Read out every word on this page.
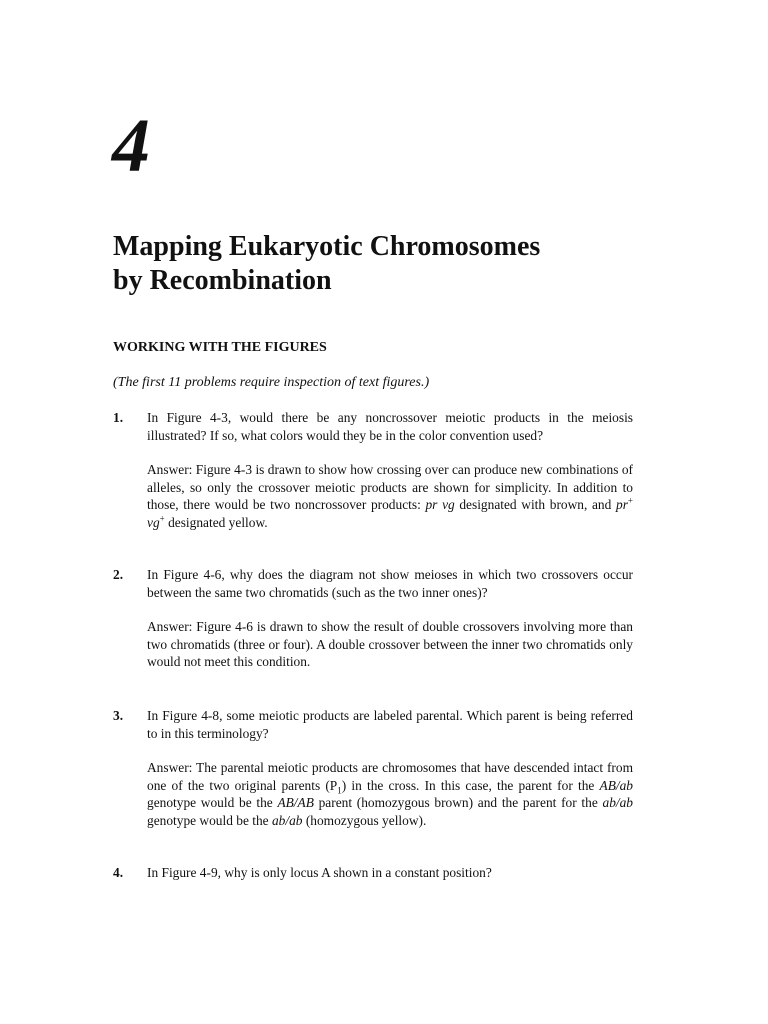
4
Mapping Eukaryotic Chromosomes
by Recombination
WORKING WITH THE FIGURES
(The first 11 problems require inspection of text figures.)
1. In Figure 4-3, would there be any noncrossover meiotic products in the meiosis illustrated? If so, what colors would they be in the color convention used?
Answer: Figure 4-3 is drawn to show how crossing over can produce new combinations of alleles, so only the crossover meiotic products are shown for simplicity. In addition to those, there would be two noncrossover products: pr vg designated with brown, and pr+ vg+ designated yellow.
2. In Figure 4-6, why does the diagram not show meioses in which two crossovers occur between the same two chromatids (such as the two inner ones)?
Answer: Figure 4-6 is drawn to show the result of double crossovers involving more than two chromatids (three or four). A double crossover between the inner two chromatids only would not meet this condition.
3. In Figure 4-8, some meiotic products are labeled parental. Which parent is being referred to in this terminology?
Answer: The parental meiotic products are chromosomes that have descended intact from one of the two original parents $(P_1)$ in the cross. In this case, the parent for the AB/ab genotype would be the AB/AB parent (homozygous brown) and the parent for the ab/ab genotype would be the ab/ab (homozygous yellow).
4. In Figure 4-9, why is only locus A shown in a constant position?
